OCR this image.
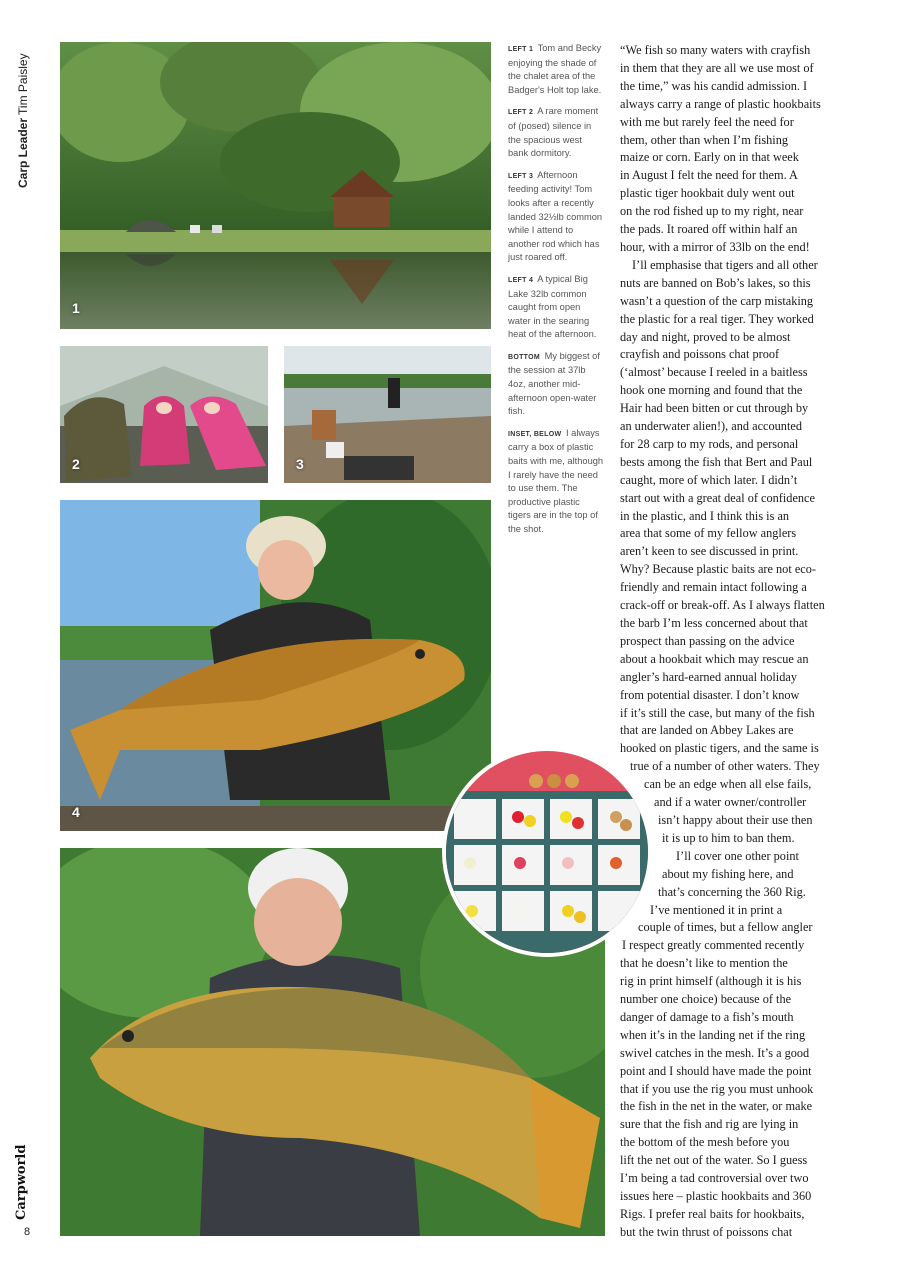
Carp LeaderTim Paisley
1
2	3
4

LEFT 1 Tom and Becky enjoying the shade of the chalet area of the Badger's Holt top lake.

LEFT 2 A rare moment of (posed) silence in the spacious west bank dormitory.

LEFT 3 Afternoon feeding activity! Tom looks after a recently landed 32½lb common while I attend to another rod which has just roared off.

LEFT 4 A typical Big Lake 32lb common caught from open water in the searing heat of the afternoon.

BOTTOM My biggest of the session at 37lb 4oz, another mid-afternoon open-water fish.

INSET, BELOW I always carry a box of plastic baits with me, although I rarely have the need to use them. The productive plastic tigers are in the top of the shot.

“We fish so many waters with crayfish
in them that they are all we use most of
the time,” was his candid admission. I
always carry a range of plastic hookbaits
with me but rarely feel the need for
them, other than when I’m fishing
maize or corn. Early on in that week
in August I felt the need for them. A
plastic tiger hookbait duly went out
on the rod fished up to my right, near
the pads. It roared off within half an
hour, with a mirror of 33lb on the end!
I’ll emphasise that tigers and all other
nuts are banned on Bob’s lakes, so this
wasn’t a question of the carp mistaking
the plastic for a real tiger. They worked
day and night, proved to be almost
crayfish and poissons chat proof
(‘almost’ because I reeled in a baitless
hook one morning and found that the
Hair had been bitten or cut through by
an underwater alien!), and accounted
for 28 carp to my rods, and personal
bests among the fish that Bert and Paul
caught, more of which later. I didn’t
start out with a great deal of confidence
in the plastic, and I think this is an
area that some of my fellow anglers
aren’t keen to see discussed in print.
Why? Because plastic baits are not eco-
friendly and remain intact following a
crack-off or break-off. As I always flatten
the barb I’m less concerned about that
prospect than passing on the advice
about a hookbait which may rescue an
angler’s hard-earned annual holiday
from potential disaster. I don’t know
if it’s still the case, but many of the fish
that are landed on Abbey Lakes are
hooked on plastic tigers, and the same is
true of a number of other waters. They
can be an edge when all else fails,
and if a water owner/controller
isn’t happy about their use then
it is up to him to ban them.
I’ll cover one other point
about my fishing here, and
that’s concerning the 360 Rig.
I’ve mentioned it in print a
couple of times, but a fellow angler
I respect greatly commented recently
that he doesn’t like to mention the
rig in print himself (although it is his
number one choice) because of the
danger of damage to a fish’s mouth
when it’s in the landing net if the ring
swivel catches in the mesh. It’s a good
point and I should have made the point
that if you use the rig you must unhook
the fish in the net in the water, or make
sure that the fish and rig are lying in
the bottom of the mesh before you
lift the net out of the water. So I guess
I’m being a tad controversial over two
issues here – plastic hookbaits and 360
Rigs. I prefer real baits for hookbaits,
but the twin thrust of poissons chat
Carpworld
8
